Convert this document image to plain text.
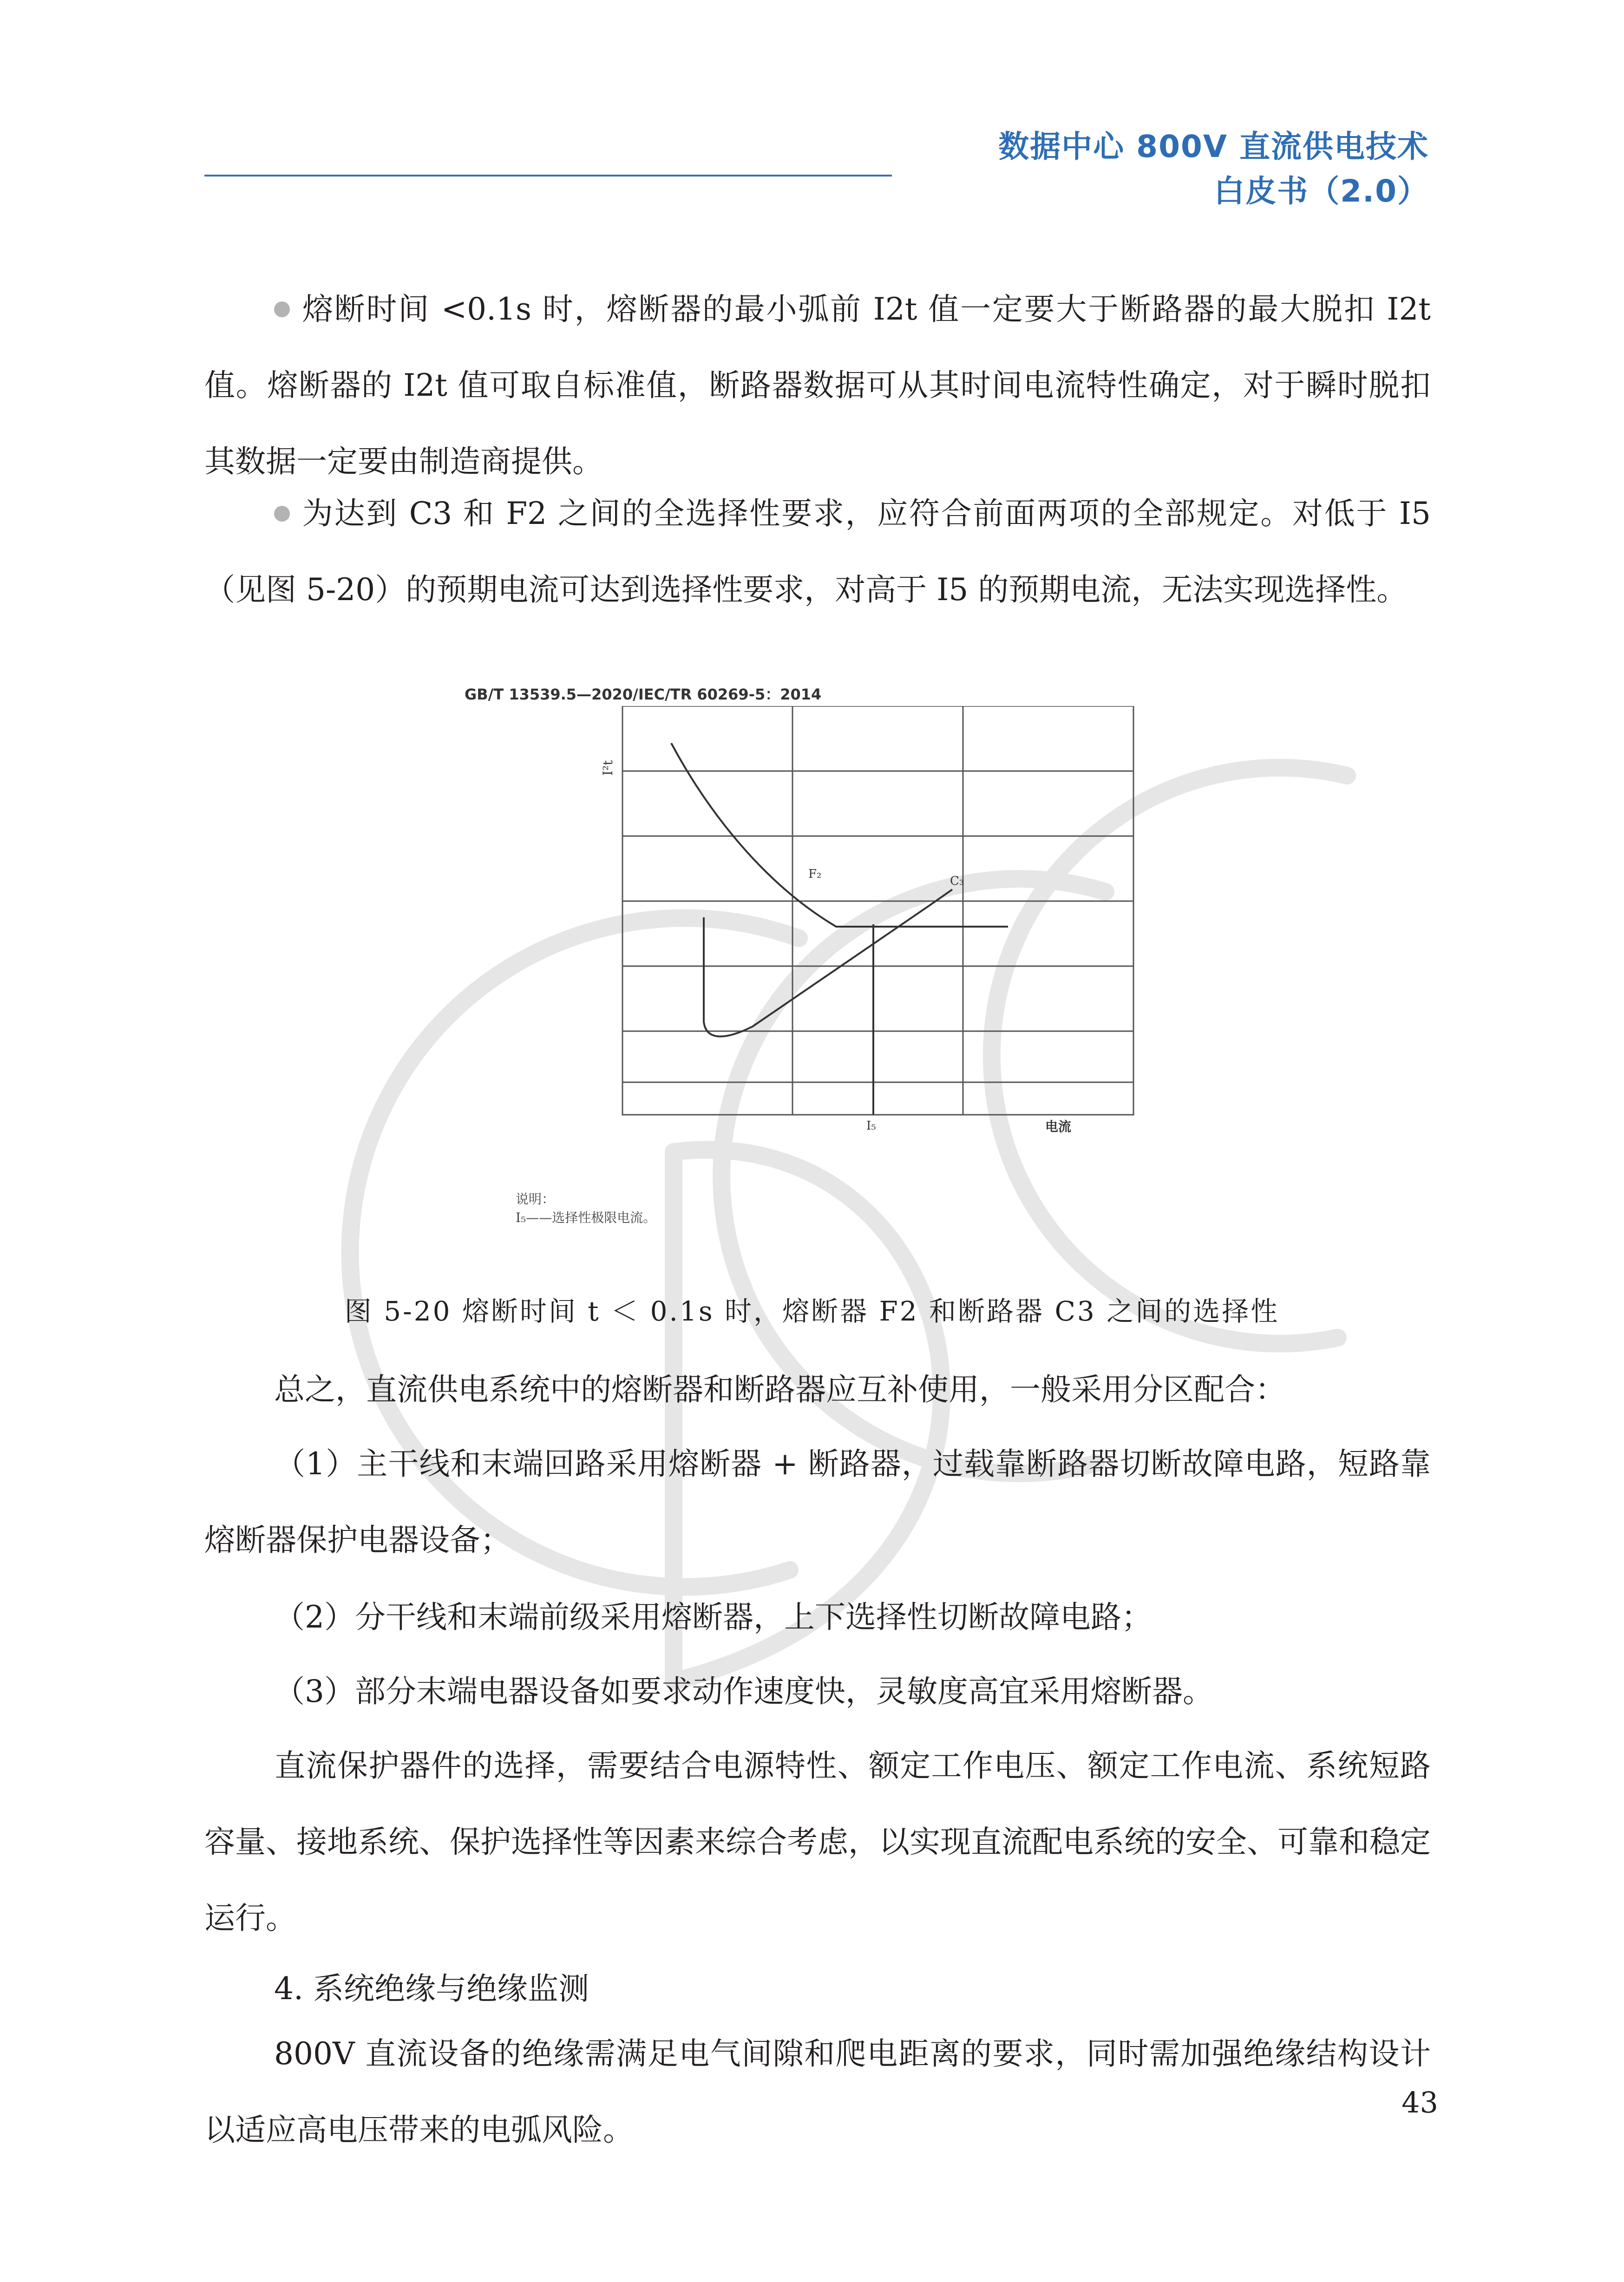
数据中心 800V 直流供电技术
白皮书（2.0）
熔断时间 <0.1s 时，熔断器的最小弧前 I2t 值一定要大于断路器的最大脱扣 I2t 值。熔断器的 I2t 值可取自标准值，断路器数据可从其时间电流特性确定，对于瞬时脱扣其数据一定要由制造商提供。
为达到 C3 和 F2 之间的全选择性要求，应符合前面两项的全部规定。对低于 I5（见图 5-20）的预期电流可达到选择性要求，对高于 I5 的预期电流，无法实现选择性。
GB/T 13539.5—2020/IEC/TR 60269-5：2014
I²t
F₂	C₃
I₅	电流
说明：
I₅——选择性极限电流。
图 5-20 熔断时间 t ＜ 0.1s 时，熔断器 F2 和断路器 C3 之间的选择性
总之，直流供电系统中的熔断器和断路器应互补使用，一般采用分区配合：
（1）主干线和末端回路采用熔断器 + 断路器，过载靠断路器切断故障电路，短路靠熔断器保护电器设备；
（2）分干线和末端前级采用熔断器，上下选择性切断故障电路；
（3）部分末端电器设备如要求动作速度快，灵敏度高宜采用熔断器。
直流保护器件的选择，需要结合电源特性、额定工作电压、额定工作电流、系统短路容量、接地系统、保护选择性等因素来综合考虑，以实现直流配电系统的安全、可靠和稳定运行。
4. 系统绝缘与绝缘监测
800V 直流设备的绝缘需满足电气间隙和爬电距离的要求，同时需加强绝缘结构设计以适应高电压带来的电弧风险。
43
